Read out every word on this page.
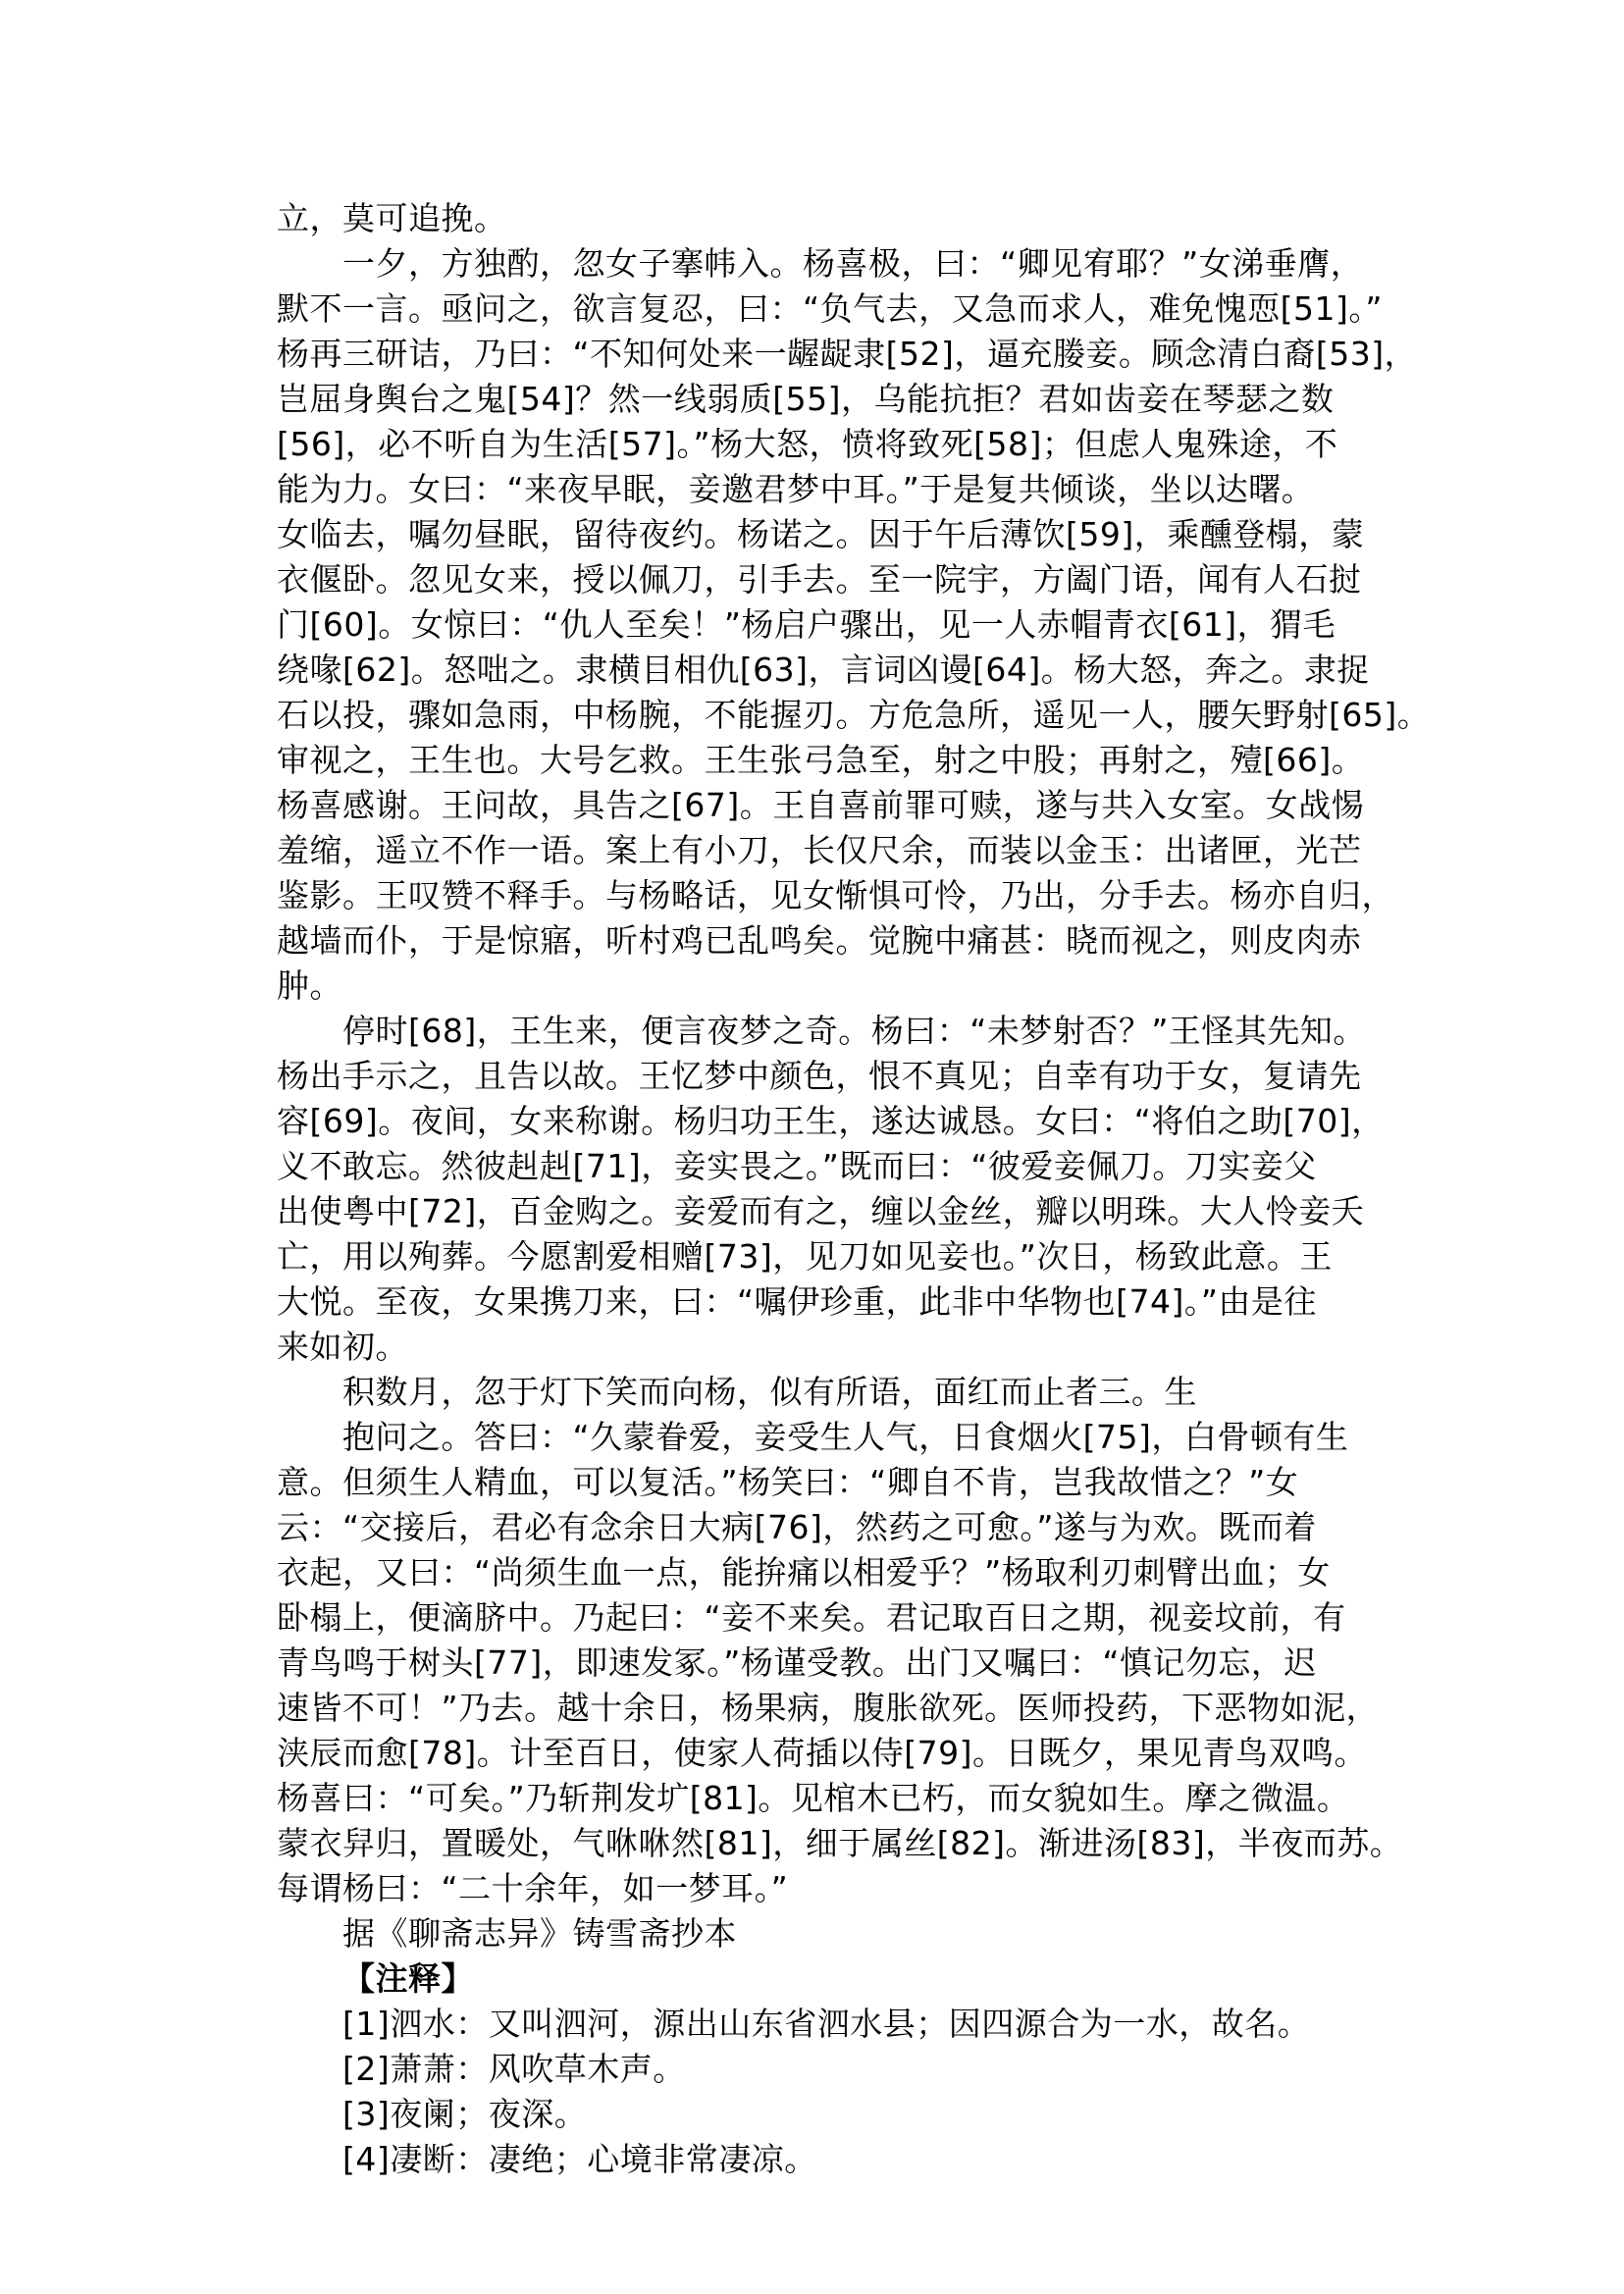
立，莫可追挽。
一夕，方独酌，忽女子搴帏入。杨喜极，曰：“卿见宥耶？”女涕垂膺，
默不一言。亟问之，欲言复忍，曰：“负气去，又急而求人，难免愧恧[51]。”
杨再三研诘，乃曰：“不知何处来一龌龊隶[52]，逼充媵妾。顾念清白裔[53]，
岂屈身舆台之鬼[54]？然一线弱质[55]，乌能抗拒？君如齿妾在琴瑟之数
[56]，必不听自为生活[57]。”杨大怒，愤将致死[58]；但虑人鬼殊途，不
能为力。女曰：“来夜早眠，妾邀君梦中耳。”于是复共倾谈，坐以达曙。
女临去，嘱勿昼眠，留待夜约。杨诺之。因于午后薄饮[59]，乘醺登榻，蒙
衣偃卧。忽见女来，授以佩刀，引手去。至一院宇，方阖门语，闻有人石挝
门[60]。女惊曰：“仇人至矣！”杨启户骤出，见一人赤帽青衣[61]，猬毛
绕喙[62]。怒咄之。隶横目相仇[63]，言词凶谩[64]。杨大怒，奔之。隶捉
石以投，骤如急雨，中杨腕，不能握刃。方危急所，遥见一人，腰矢野射[65]。
审视之，王生也。大号乞救。王生张弓急至，射之中股；再射之，殪[66]。
杨喜感谢。王问故，具告之[67]。王自喜前罪可赎，遂与共入女室。女战惕
羞缩，遥立不作一语。案上有小刀，长仅尺余，而装以金玉：出诸匣，光芒
鉴影。王叹赞不释手。与杨略话，见女惭惧可怜，乃出，分手去。杨亦自归，
越墙而仆，于是惊寤，听村鸡已乱鸣矣。觉腕中痛甚：晓而视之，则皮肉赤
肿。
停时[68]，王生来，便言夜梦之奇。杨曰：“未梦射否？”王怪其先知。
杨出手示之，且告以故。王忆梦中颜色，恨不真见；自幸有功于女，复请先
容[69]。夜间，女来称谢。杨归功王生，遂达诚恳。女曰：“将伯之助[70]，
义不敢忘。然彼赳赳[71]，妾实畏之。”既而曰：“彼爱妾佩刀。刀实妾父
出使粤中[72]，百金购之。妾爱而有之，缠以金丝，瓣以明珠。大人怜妾夭
亡，用以殉葬。今愿割爱相赠[73]，见刀如见妾也。”次日，杨致此意。王
大悦。至夜，女果携刀来，曰：“嘱伊珍重，此非中华物也[74]。”由是往
来如初。
积数月，忽于灯下笑而向杨，似有所语，面红而止者三。生
抱问之。答曰：“久蒙眷爱，妾受生人气，日食烟火[75]，白骨顿有生
意。但须生人精血，可以复活。”杨笑曰：“卿自不肯，岂我故惜之？”女
云：“交接后，君必有念余日大病[76]，然药之可愈。”遂与为欢。既而着
衣起，又曰：“尚须生血一点，能拚痛以相爱乎？”杨取利刃刺臂出血；女
卧榻上，便滴脐中。乃起曰：“妾不来矣。君记取百日之期，视妾坟前，有
青鸟鸣于树头[77]，即速发冢。”杨谨受教。出门又嘱曰：“慎记勿忘，迟
速皆不可！”乃去。越十余日，杨果病，腹胀欲死。医师投药，下恶物如泥，
浃辰而愈[78]。计至百日，使家人荷插以侍[79]。日既夕，果见青鸟双鸣。
杨喜曰：“可矣。”乃斩荆发圹[81]。见棺木已朽，而女貌如生。摩之微温。
蒙衣舁归，置暖处，气咻咻然[81]，细于属丝[82]。渐进汤[83]，半夜而苏。
每谓杨曰：“二十余年，如一梦耳。”
据《聊斋志异》铸雪斋抄本
【注释】
[1]泗水：又叫泗河，源出山东省泗水县；因四源合为一水，故名。
[2]萧萧：风吹草木声。
[3]夜阑；夜深。
[4]凄断：凄绝；心境非常凄凉。
